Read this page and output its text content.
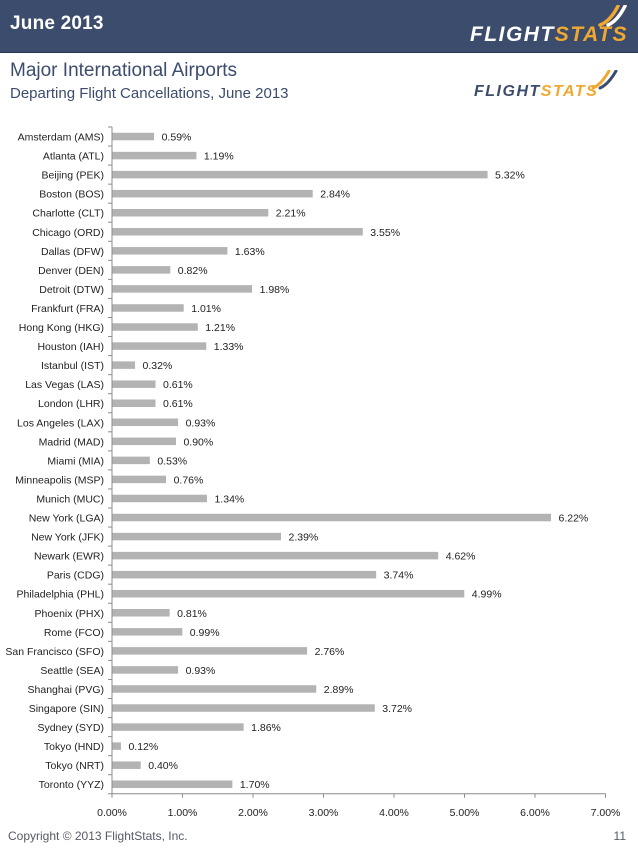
June 2013	FLIGHT STATS
Major International Airports
Departing Flight Cancellations, June 2013	FLIGHT STATS
0.00%	1.00%	2.00%	3.00%	4.00%	5.00%	6.00%	7.00%
Amsterdam (AMS)	0.59%
Atlanta (ATL)	1.19%
Beijing (PEK)	5.32%
Boston (BOS)	2.84%
Charlotte (CLT)	2.21%
Chicago (ORD)	3.55%
Dallas (DFW)	1.63%
Denver (DEN)	0.82%
Detroit (DTW)	1.98%
Frankfurt (FRA)	1.01%
Hong Kong (HKG)	1.21%
Houston (IAH)	1.33%
Istanbul (IST)	0.32%
Las Vegas (LAS)	0.61%
London (LHR)	0.61%
Los Angeles (LAX)	0.93%
Madrid (MAD)	0.90%
Miami (MIA)	0.53%
Minneapolis (MSP)	0.76%
Munich (MUC)	1.34%
New York (LGA)	6.22%
New York (JFK)	2.39%
Newark (EWR)	4.62%
Paris (CDG)	3.74%
Philadelphia (PHL)	4.99%
Phoenix (PHX)	0.81%
Rome (FCO)	0.99%
San Francisco (SFO)	2.76%
Seattle (SEA)	0.93%
Shanghai (PVG)	2.89%
Singapore (SIN)	3.72%
Sydney (SYD)	1.86%
Tokyo (HND) 0.12%
Tokyo (NRT)	0.40%
Toronto (YYZ)	1.70%
Copyright © 2013 FlightStats, Inc.	11
